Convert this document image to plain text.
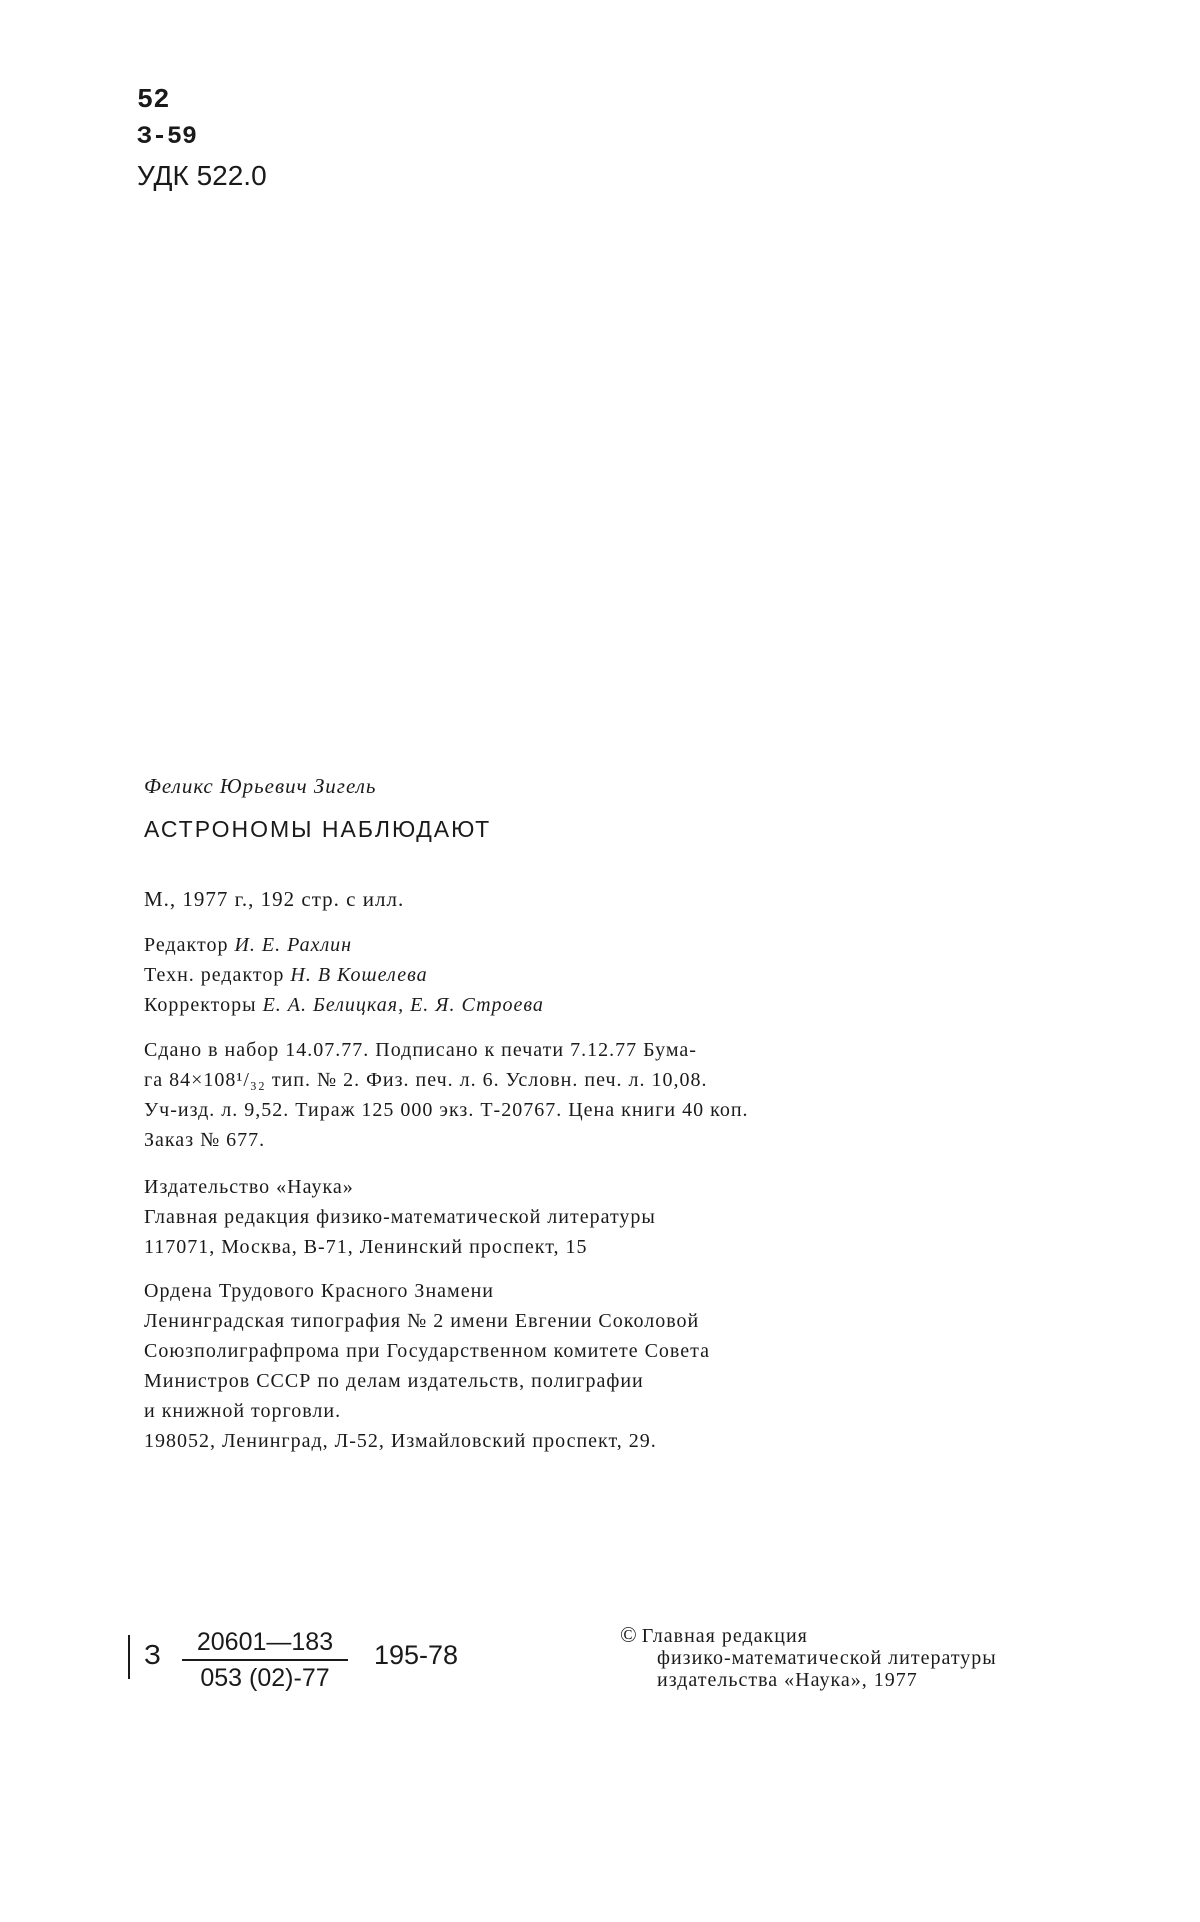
52
З-59
УДК 522.0
Феликс Юрьевич Зигель
АСТРОНОМЫ НАБЛЮДАЮТ
М., 1977 г., 192 стр. с илл.
Редактор И. Е. Рахлин
Техн. редактор Н. В Кошелева
Корректоры Е. А. Белицкая, Е. Я. Строева
Сдано в набор 14.07.77. Подписано к печати 7.12.77 Бума-
га 84×108¹/₃₂ тип. № 2. Физ. печ. л. 6. Условн. печ. л. 10,08.
Уч-изд. л. 9,52. Тираж 125 000 экз. Т-20767. Цена книги 40 коп.
Заказ № 677.
Издательство «Наука»
Главная редакция физико-математической литературы
117071, Москва, В-71, Ленинский проспект, 15
Ордена Трудового Красного Знамени
Ленинградская типография № 2 имени Евгении Соколовой
Союзполиграфпрома при Государственном комитете Совета
Министров СССР по делам издательств, полиграфии
и книжной торговли.
198052, Ленинград, Л-52, Измайловский проспект, 29.
З	20601—183
053 (02)-77
195-78
© Главная редакция
физико-математической литературы
издательства «Наука», 1977
